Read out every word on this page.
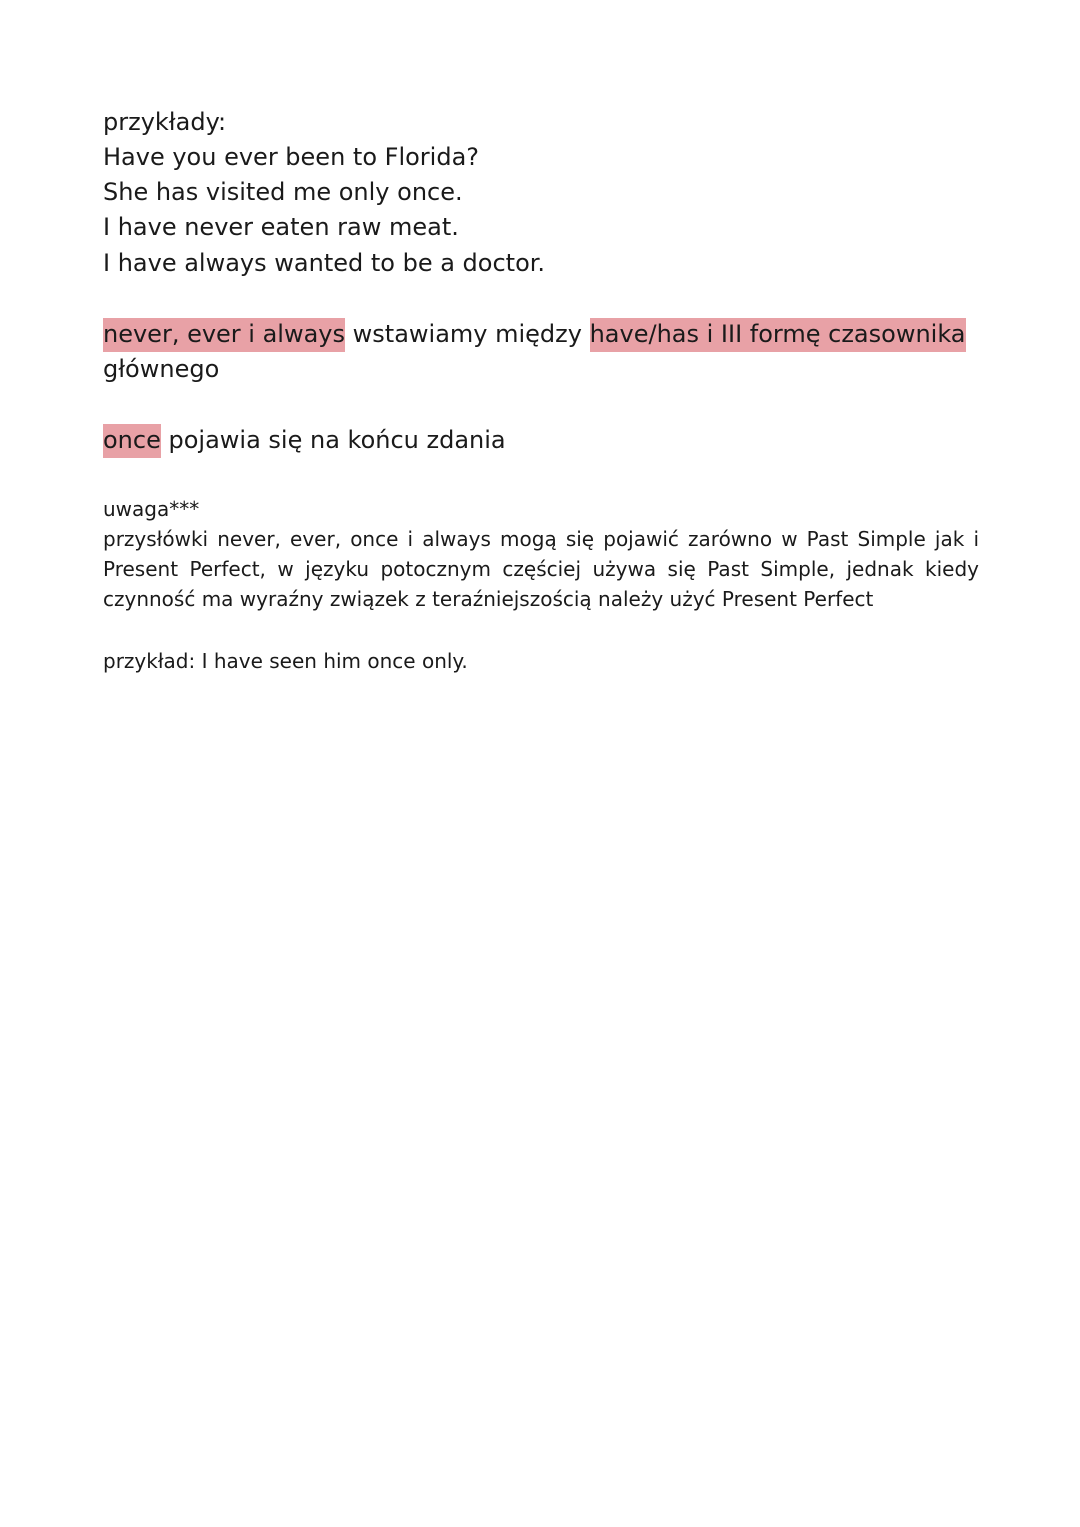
przykłady:
Have you ever been to Florida?
She has visited me only once.
I have never eaten raw meat.
I have always wanted to be a doctor.
never, ever i always wstawiamy między have/has i III formę czasownika
głównego
once pojawia się na końcu zdania
uwaga***
przysłówki never, ever, once i always mogą się pojawić zarówno w Past Simple jak i
Present Perfect, w języku potocznym częściej używa się Past Simple, jednak kiedy
czynność ma wyraźny związek z teraźniejszością należy użyć Present Perfect
przykład: I have seen him once only.
